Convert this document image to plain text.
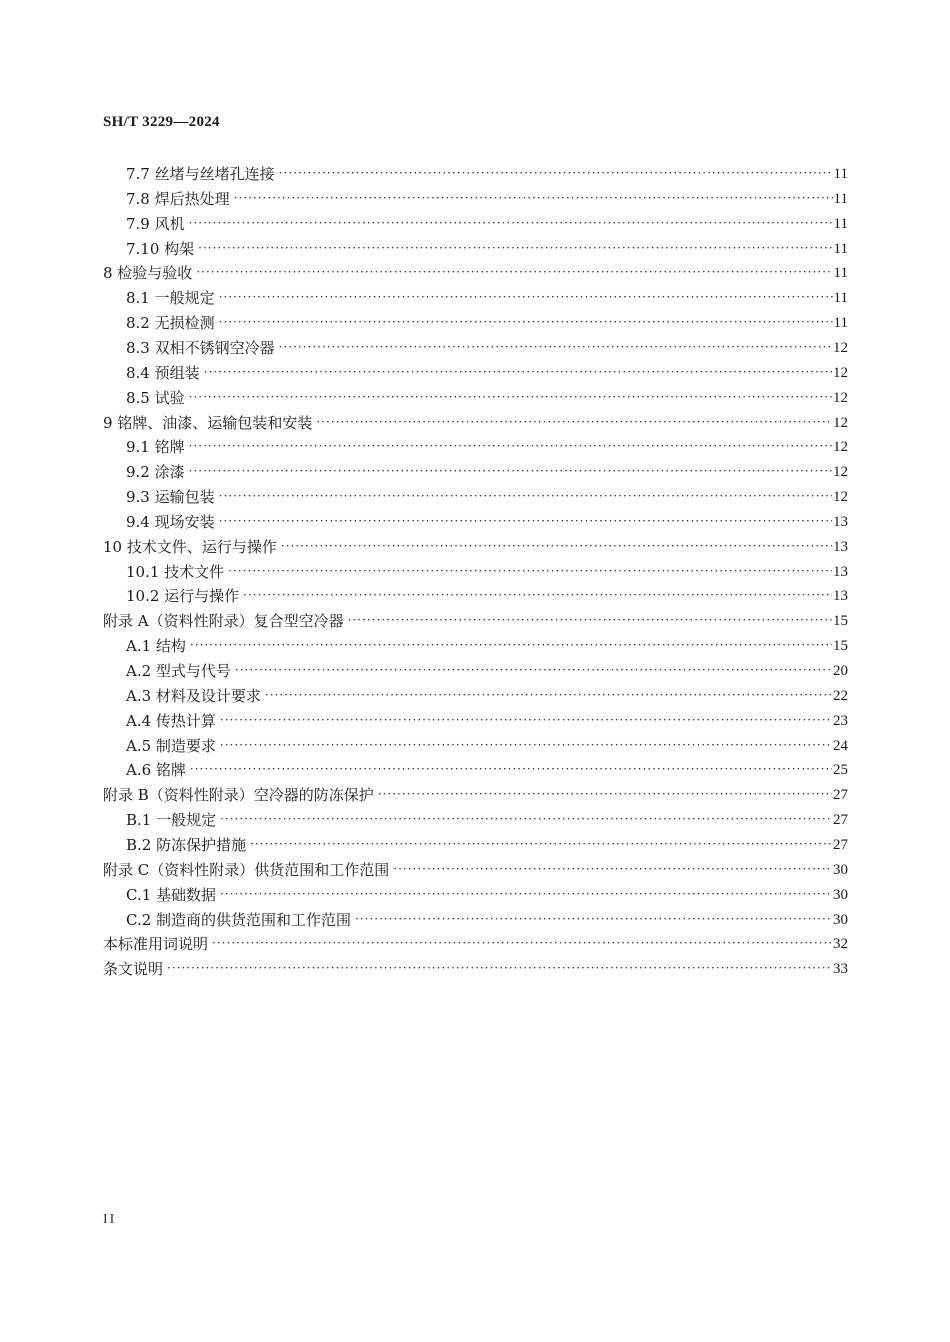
SH/T 3229—2024
7.7 丝堵与丝堵孔连接 ·····	11
7.8 焊后热处理 ·····	11
7.9 风机 ·····	11
7.10 构架 ·····	11
8 检验与验收 ·····	11
8.1 一般规定 ·····	11
8.2 无损检测 ·····	11
8.3 双相不锈钢空冷器 ·····	12
8.4 预组装 ·····	12
8.5 试验 ·····	12
9 铭牌、油漆、运输包装和安装 ·····	12
9.1 铭牌 ·····	12
9.2 涂漆 ·····	12
9.3 运输包装 ·····	12
9.4 现场安装 ·····	13
10 技术文件、运行与操作 ·····	13
10.1 技术文件 ·····	13
10.2 运行与操作 ·····	13
附录 A（资料性附录）复合型空冷器 ·····	15
A.1 结构 ·····	15
A.2 型式与代号 ·····	20
A.3 材料及设计要求 ·····	22
A.4 传热计算 ·····	23
A.5 制造要求 ·····	24
A.6 铭牌 ·····	25
附录 B（资料性附录）空冷器的防冻保护 ·····	27
B.1 一般规定 ·····	27
B.2 防冻保护措施 ·····	27
附录 C（资料性附录）供货范围和工作范围 ·····	30
C.1 基础数据 ·····	30
C.2 制造商的供货范围和工作范围 ·····	30
本标准用词说明 ·····	32
条文说明 ·····	33
II
